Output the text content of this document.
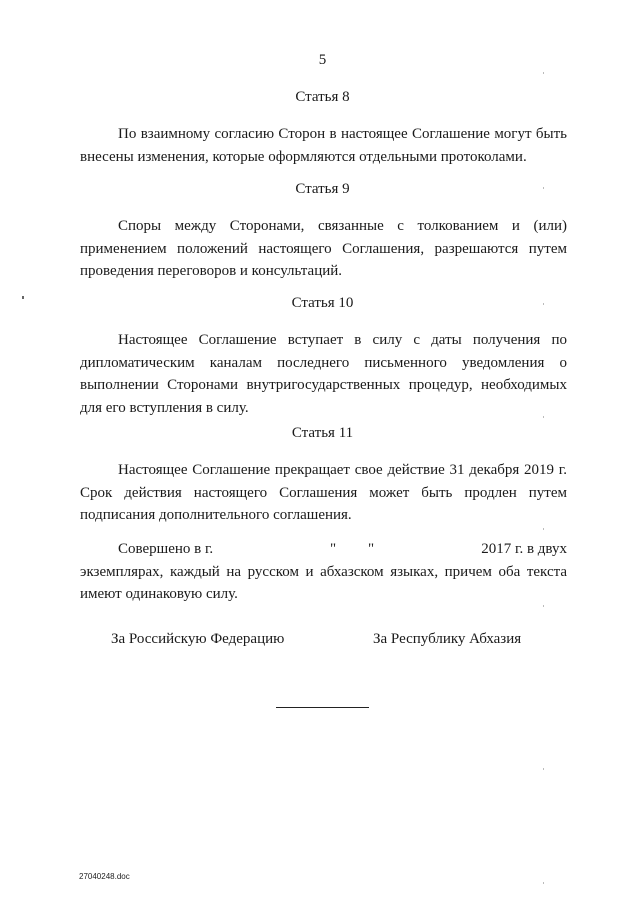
5
Статья 8
По взаимному согласию Сторон в настоящее Соглашение могут быть
внесены изменения, которые оформляются отдельными протоколами.
Статья 9
Споры между Сторонами, связанные с толкованием и (или)
применением положений настоящего Соглашения, разрешаются путем
проведения переговоров и консультаций.
Статья 10
Настоящее Соглашение вступает в силу с даты получения по
дипломатическим каналам последнего письменного уведомления о
выполнении Сторонами внутригосударственных процедур, необходимых
для его вступления в силу.
Статья 11
Настоящее Соглашение прекращает свое действие 31 декабря 2019 г.
Срок действия настоящего Соглашения может быть продлен путем
подписания дополнительного соглашения.
Совершено в г.	" "	2017 г. в двух
экземплярах, каждый на русском и абхазском языках, причем оба текста
имеют одинаковую силу.
За Российскую Федерацию	За Республику Абхазия
27040248.doc
